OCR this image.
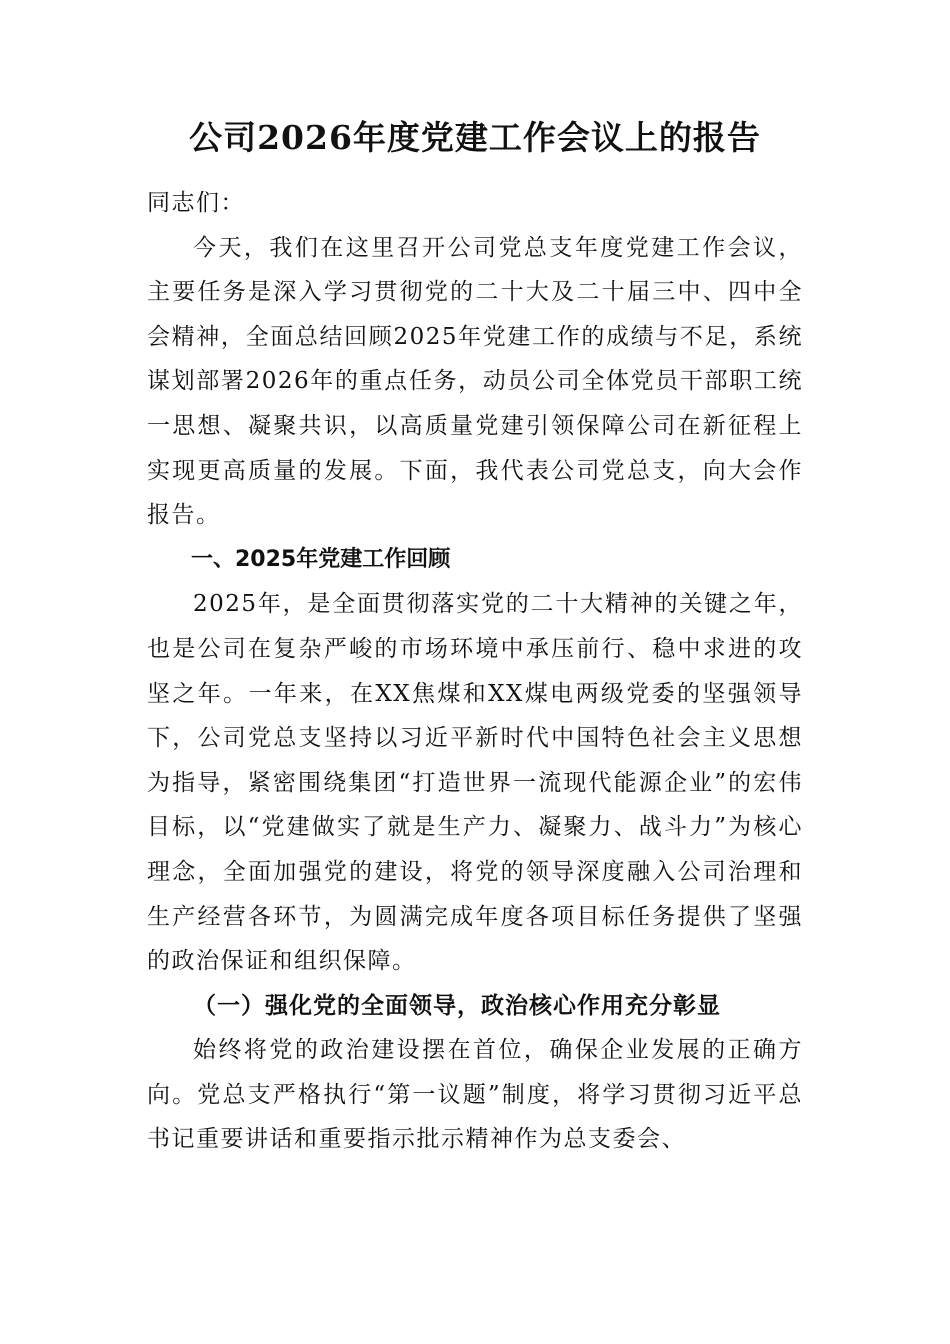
公司2026年度党建工作会议上的报告

同志们：

今天，我们在这里召开公司党总支年度党建工作会议，主要任务是深入学习贯彻党的二十大及二十届三中、四中全会精神，全面总结回顾2025年党建工作的成绩与不足，系统谋划部署2026年的重点任务，动员公司全体党员干部职工统一思想、凝聚共识，以高质量党建引领保障公司在新征程上实现更高质量的发展。下面，我代表公司党总支，向大会作报告。

一、2025年党建工作回顾

2025年，是全面贯彻落实党的二十大精神的关键之年，也是公司在复杂严峻的市场环境中承压前行、稳中求进的攻坚之年。一年来，在XX焦煤和XX煤电两级党委的坚强领导下，公司党总支坚持以习近平新时代中国特色社会主义思想为指导，紧密围绕集团“打造世界一流现代能源企业”的宏伟目标，以“党建做实了就是生产力、凝聚力、战斗力”为核心理念，全面加强党的建设，将党的领导深度融入公司治理和生产经营各环节，为圆满完成年度各项目标任务提供了坚强的政治保证和组织保障。

（一）强化党的全面领导，政治核心作用充分彰显

始终将党的政治建设摆在首位，确保企业发展的正确方向。党总支严格执行“第一议题”制度，将学习贯彻习近平总书记重要讲话和重要指示批示精神作为总支委会、
